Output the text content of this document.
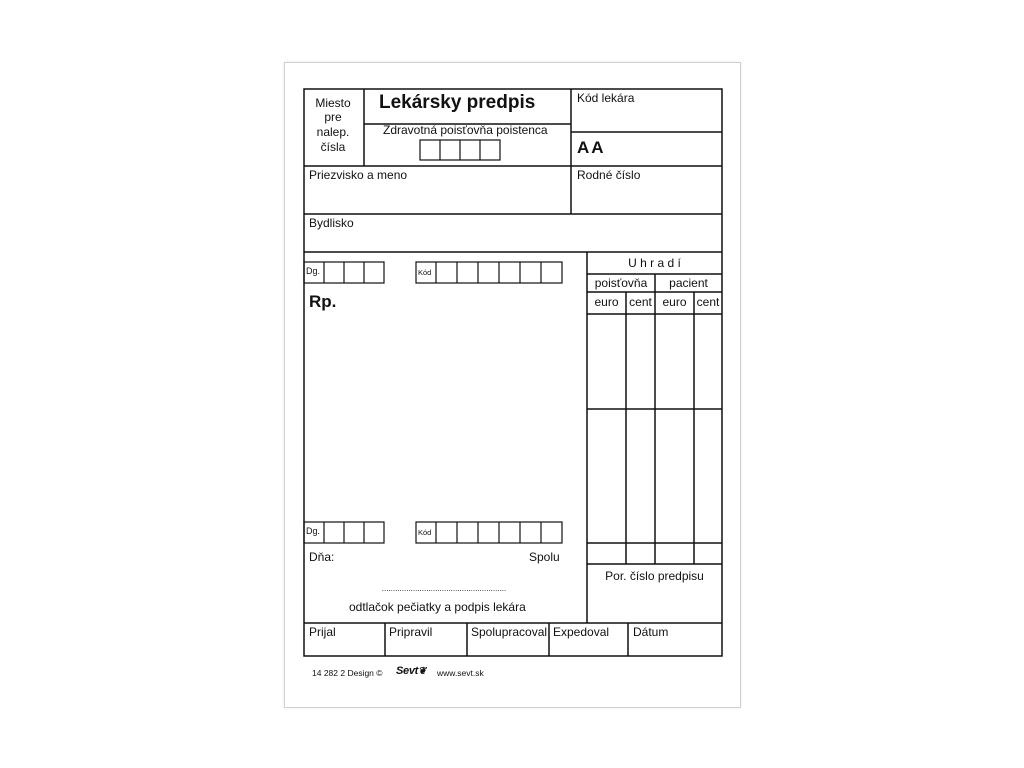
Miesto
pre
nalep.
čísla
Lekársky predpis
Zdravotná poisťovňa poistenca
Kód lekára
AA
Priezvisko a meno	Rodné číslo
Bydlisko
Dg.	Kód
Rp.
U h r a d í
poisťovňa	pacient
euro cent euro cent
Dg.	Kód
Dňa:	Spolu
........................................................
odtlačok pečiatky a podpis lekára
Por. číslo predpisu
Prijal	Pripravil	Spolupracoval Expedoval Dátum
14 282 2 Design © Sevt❦ www.sevt.sk
